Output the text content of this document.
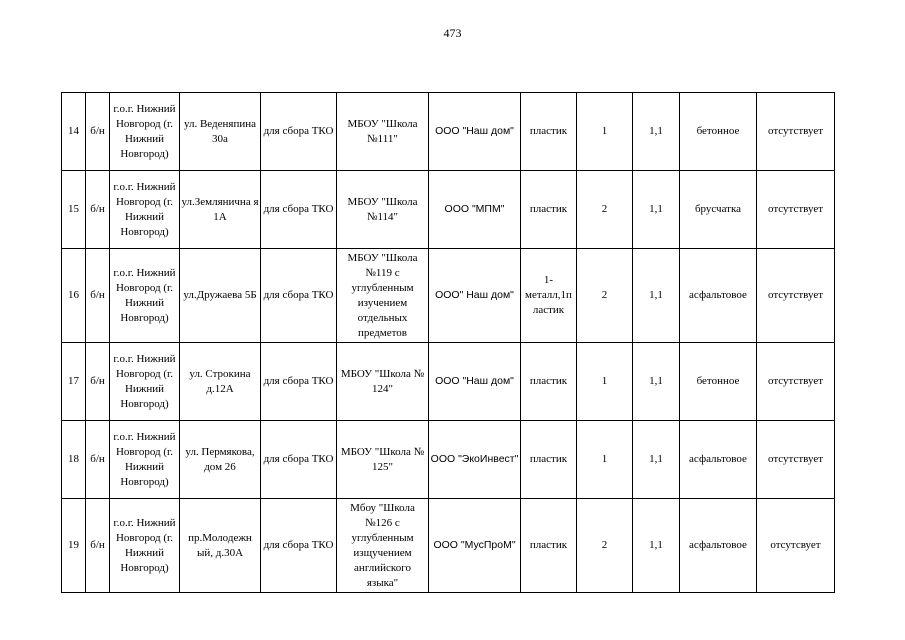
473
14	б/н	г.о.г. Нижний Новгород (г. Нижний Новгород)	ул. Веденяпина 30а	для сбора ТКО	МБОУ "Школа №111"	ООО "Наш дом"	пластик	1	1,1	бетонное	отсутствует
15	б/н	г.о.г. Нижний Новгород (г. Нижний Новгород)	ул.Землянична я 1А	для сбора ТКО	МБОУ "Школа №114"	ООО "МПМ"	пластик	2	1,1	брусчатка	отсутствует
16	б/н	г.о.г. Нижний Новгород (г. Нижний Новгород)	ул.Дружаева 5Б	для сбора ТКО	МБОУ "Школа №119 с углубленным изучением отдельных предметов	ООО" Наш дом"	1-металл,1п ластик	2	1,1	асфальтовое	отсутствует
17	б/н	г.о.г. Нижний Новгород (г. Нижний Новгород)	ул. Строкина д.12А	для сбора ТКО	МБОУ "Школа № 124"	ООО "Наш дом"	пластик	1	1,1	бетонное	отсутствует
18	б/н	г.о.г. Нижний Новгород (г. Нижний Новгород)	ул. Пермякова, дом 26	для сбора ТКО	МБОУ "Школа № 125"	ООО "ЭкоИнвест"	пластик	1	1,1	асфальтовое	отсутствует
19	б/н	г.о.г. Нижний Новгород (г. Нижний Новгород)	пр.Молодежн ый, д.30А	для сбора ТКО	Мбоу "Школа №126 с углубленным изщучением английского языка"	ООО "МусПроМ"	пластик	2	1,1	асфальтовое	отсутсвует
